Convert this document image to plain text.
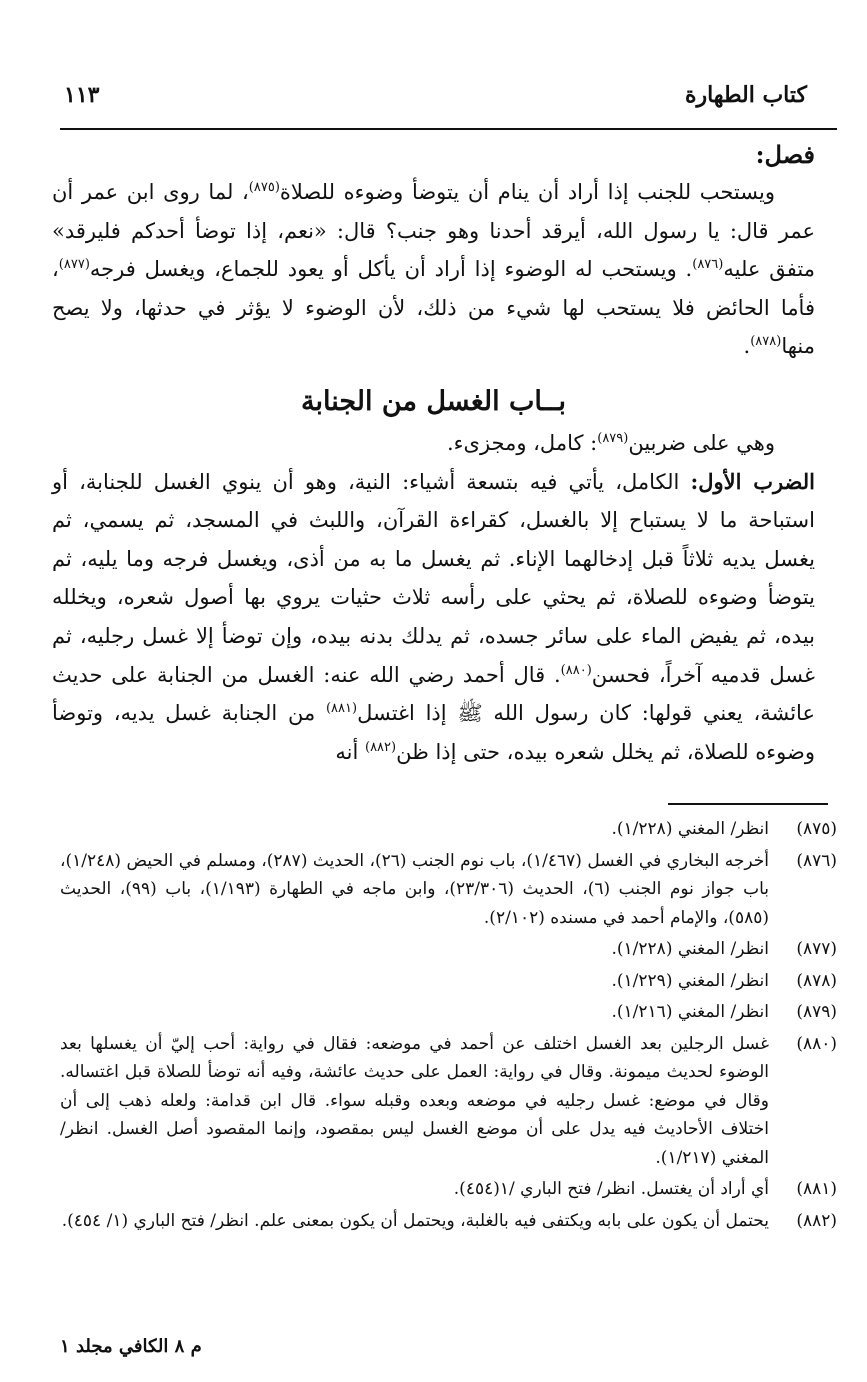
كتاب الطهارة
١١٣
فصل:

ويستحب للجنب إذا أراد أن ينام أن يتوضأ وضوءه للصلاة$^{(٨٧٥)}$، لما روى ابن عمر أن عمر قال: يا رسول الله، أيرقد أحدنا وهو جنب؟ قال: «نعم، إذا توضأ أحدكم فليرقد» متفق عليه$^{(٨٧٦)}$. ويستحب له الوضوء إذا أراد أن يأكل أو يعود للجماع، ويغسل فرجه$^{(٨٧٧)}$، فأما الحائض فلا يستحب لها شيء من ذلك، لأن الوضوء لا يؤثر في حدثها، ولا يصح منها$^{(٨٧٨)}$.

بــاب الغسل من الجنابة

وهي على ضربين$^{(٨٧٩)}$: كامل، ومجزىء.

الضرب الأول: الكامل، يأتي فيه بتسعة أشياء: النية، وهو أن ينوي الغسل للجنابة، أو استباحة ما لا يستباح إلا بالغسل، كقراءة القرآن، واللبث في المسجد، ثم يسمي، ثم يغسل يديه ثلاثاً قبل إدخالهما الإناء. ثم يغسل ما به من أذى، ويغسل فرجه وما يليه، ثم يتوضأ وضوءه للصلاة، ثم يحثي على رأسه ثلاث حثيات يروي بها أصول شعره، ويخلله بيده، ثم يفيض الماء على سائر جسده، ثم يدلك بدنه بيده، وإن توضأ إلا غسل رجليه، ثم غسل قدميه آخراً، فحسن$^{(٨٨٠)}$. قال أحمد رضي الله عنه: الغسل من الجنابة على حديث عائشة، يعني قولها: كان رسول الله ﷺ إذا اغتسل$^{(٨٨١)}$ من الجنابة غسل يديه، وتوضأ وضوءه للصلاة، ثم يخلل شعره بيده، حتى إذا ظن$^{(٨٨٢)}$ أنه

(٨٧٥)
انظر/ المغني (١/٢٢٨).
(٨٧٦)
أخرجه البخاري في الغسل (١/٤٦٧)، باب نوم الجنب (٢٦)، الحديث (٢٨٧)، ومسلم في الحيض (١/٢٤٨)، باب جواز نوم الجنب (٦)، الحديث (٢٣/٣٠٦)، وابن ماجه في الطهارة (١/١٩٣)، باب (٩٩)، الحديث (٥٨٥)، والإمام أحمد في مسنده (٢/١٠٢).
(٨٧٧)
انظر/ المغني (١/٢٢٨).
(٨٧٨)
انظر/ المغني (١/٢٢٩).
(٨٧٩)
انظر/ المغني (١/٢١٦).
(٨٨٠)
غسل الرجلين بعد الغسل اختلف عن أحمد في موضعه: فقال في رواية: أحب إليّ أن يغسلها بعد الوضوء لحديث ميمونة. وقال في رواية: العمل على حديث عائشة، وفيه أنه توضأ للصلاة قبل اغتساله. وقال في موضع: غسل رجليه في موضعه وبعده وقبله سواء. قال ابن قدامة: ولعله ذهب إلى أن اختلاف الأحاديث فيه يدل على أن موضع الغسل ليس بمقصود، وإنما المقصود أصل الغسل. انظر/ المغني (١/٢١٧).
(٨٨١)
أي أراد أن يغتسل. انظر/ فتح الباري /١(٤٥٤).
(٨٨٢)
يحتمل أن يكون على بابه ويكتفى فيه بالغلبة، ويحتمل أن يكون بمعنى علم. انظر/ فتح الباري (١/ ٤٥٤).
م ٨ الكافي مجلد ١
